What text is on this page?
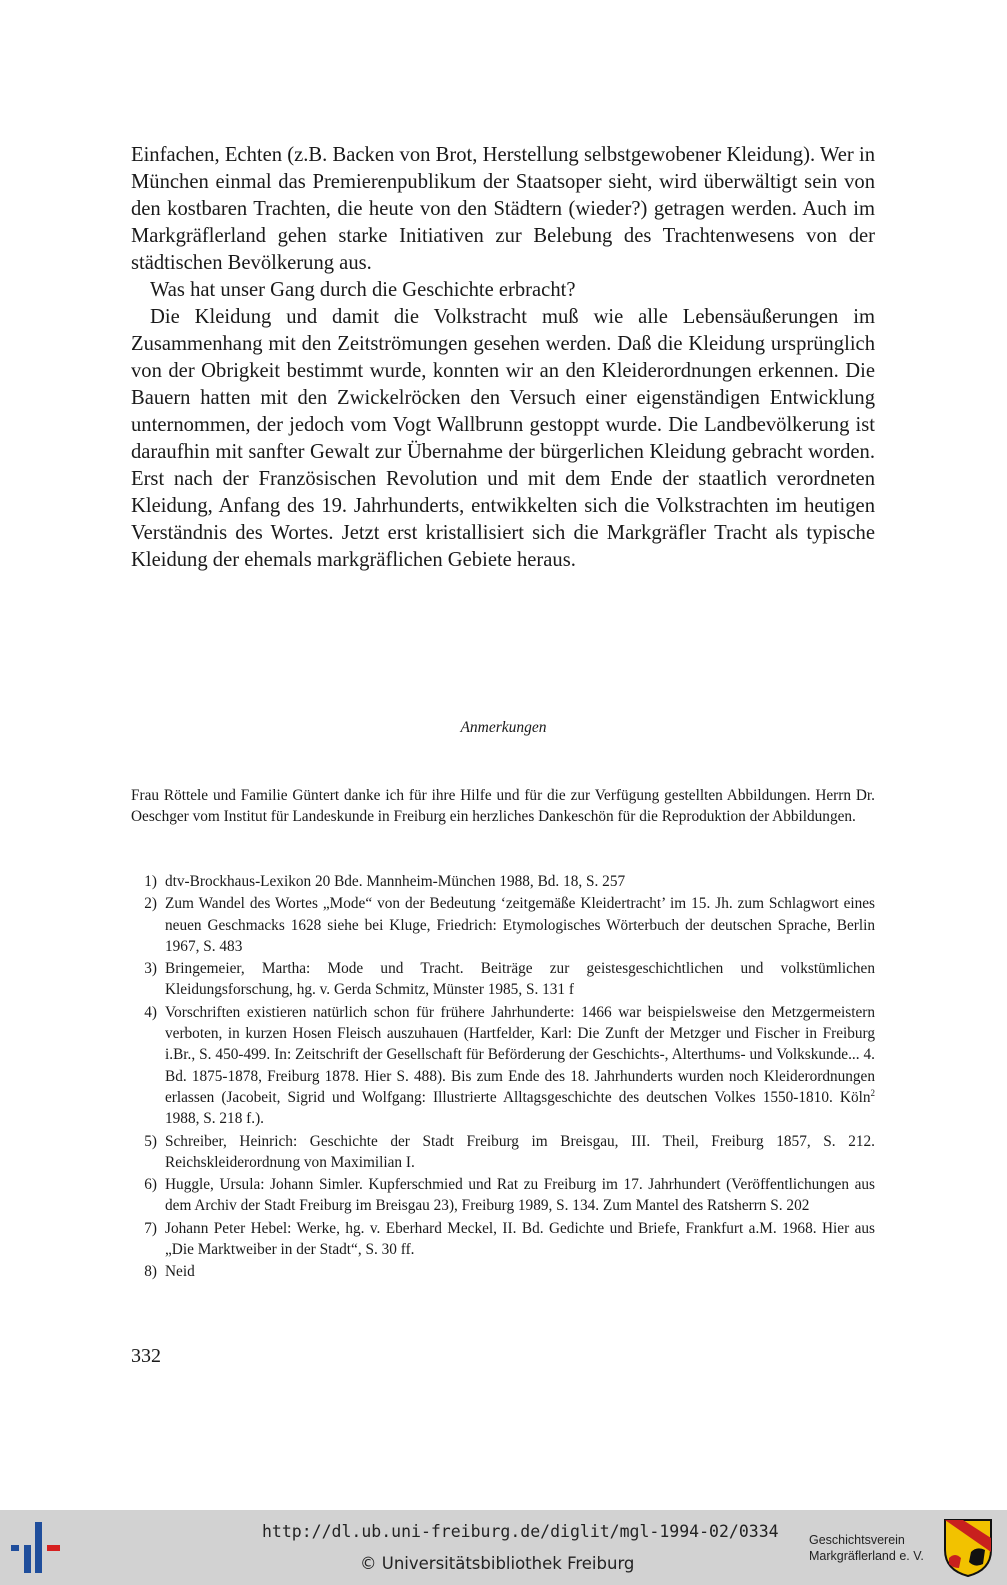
Einfachen, Echten (z.B. Backen von Brot, Herstellung selbstgewobener Kleidung). Wer in München einmal das Premierenpublikum der Staatsoper sieht, wird überwältigt sein von den kostbaren Trachten, die heute von den Städtern (wieder?) getragen werden. Auch im Markgräflerland gehen starke Initiativen zur Belebung des Trachtenwesens von der städtischen Bevölkerung aus.

Was hat unser Gang durch die Geschichte erbracht?

Die Kleidung und damit die Volkstracht muß wie alle Lebensäußerungen im Zusammenhang mit den Zeitströmungen gesehen werden. Daß die Kleidung ursprünglich von der Obrigkeit bestimmt wurde, konnten wir an den Kleiderordnungen erkennen. Die Bauern hatten mit den Zwickelröcken den Versuch einer eigenständigen Entwicklung unternommen, der jedoch vom Vogt Wallbrunn gestoppt wurde. Die Landbevölkerung ist daraufhin mit sanfter Gewalt zur Übernahme der bürgerlichen Kleidung gebracht worden. Erst nach der Französischen Revolution und mit dem Ende der staatlich verordneten Kleidung, Anfang des 19. Jahrhunderts, entwikkelten sich die Volkstrachten im heutigen Verständnis des Wortes. Jetzt erst kristallisiert sich die Markgräfler Tracht als typische Kleidung der ehemals markgräflichen Gebiete heraus.

Anmerkungen
Frau Röttele und Familie Güntert danke ich für ihre Hilfe und für die zur Verfügung gestellten Abbildungen. Herrn Dr. Oeschger vom Institut für Landeskunde in Freiburg ein herzliches Dankeschön für die Reproduktion der Abbildungen.
1) dtv-Brockhaus-Lexikon 20 Bde. Mannheim-München 1988, Bd. 18, S. 257
2) Zum Wandel des Wortes „Mode“ von der Bedeutung ‘zeitgemäße Kleidertracht’ im 15. Jh. zum Schlagwort eines neuen Geschmacks 1628 siehe bei Kluge, Friedrich: Etymologisches Wörterbuch der deutschen Sprache, Berlin 1967, S. 483
3) Bringemeier, Martha: Mode und Tracht. Beiträge zur geistesgeschichtlichen und volkstümlichen Kleidungsforschung, hg. v. Gerda Schmitz, Münster 1985, S. 131 f
4) Vorschriften existieren natürlich schon für frühere Jahrhunderte: 1466 war beispielsweise den Metzgermeistern verboten, in kurzen Hosen Fleisch auszuhauen (Hartfelder, Karl: Die Zunft der Metzger und Fischer in Freiburg i.Br., S. 450-499. In: Zeitschrift der Gesellschaft für Beförderung der Geschichts-, Alterthums- und Volkskunde... 4. Bd. 1875-1878, Freiburg 1878. Hier S. 488). Bis zum Ende des 18. Jahrhunderts wurden noch Kleiderordnungen erlassen (Jacobeit, Sigrid und Wolfgang: Illustrierte Alltagsgeschichte des deutschen Volkes 1550-1810. Köln$^2$ 1988, S. 218 f.).
5) Schreiber, Heinrich: Geschichte der Stadt Freiburg im Breisgau, III. Theil, Freiburg 1857, S. 212. Reichskleiderordnung von Maximilian I.
6) Huggle, Ursula: Johann Simler. Kupferschmied und Rat zu Freiburg im 17. Jahrhundert (Veröffentlichungen aus dem Archiv der Stadt Freiburg im Breisgau 23), Freiburg 1989, S. 134. Zum Mantel des Ratsherrn S. 202
7) Johann Peter Hebel: Werke, hg. v. Eberhard Meckel, II. Bd. Gedichte und Briefe, Frankfurt a.M. 1968. Hier aus „Die Marktweiber in der Stadt“, S. 30 ff.
8) Neid
332
http://dl.ub.uni-freiburg.de/diglit/mgl-1994-02/0334
© Universitätsbibliothek Freiburg
Geschichtsverein
Markgräflerland e. V.
